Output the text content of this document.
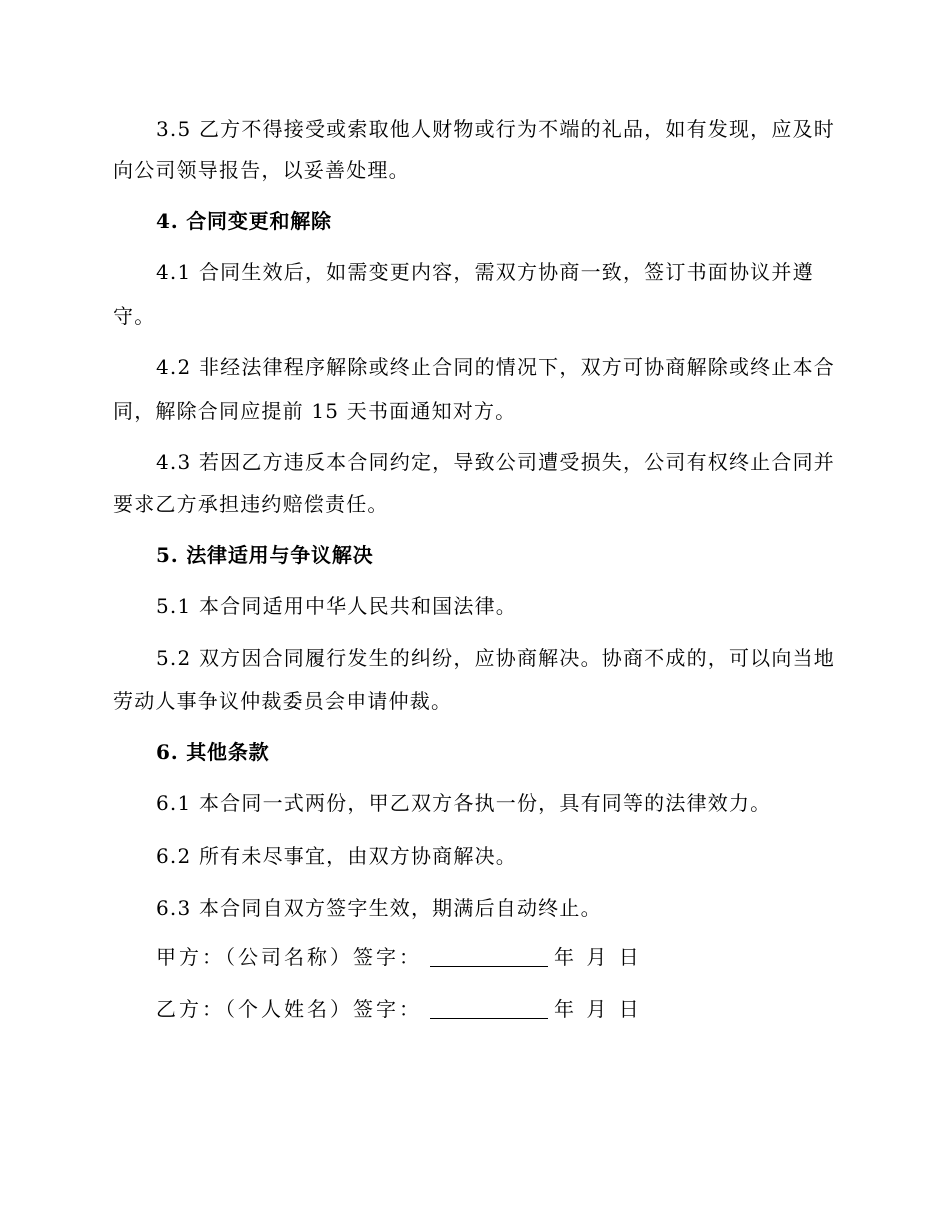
3.5 乙方不得接受或索取他人财物或行为不端的礼品，如有发现，应及时
向公司领导报告，以妥善处理。
4. 合同变更和解除
4.1 合同生效后，如需变更内容，需双方协商一致，签订书面协议并遵
守。
4.2 非经法律程序解除或终止合同的情况下，双方可协商解除或终止本合
同，解除合同应提前 15 天书面通知对方。
4.3 若因乙方违反本合同约定，导致公司遭受损失，公司有权终止合同并
要求乙方承担违约赔偿责任。
5. 法律适用与争议解决
5.1 本合同适用中华人民共和国法律。
5.2 双方因合同履行发生的纠纷，应协商解决。协商不成的，可以向当地
劳动人事争议仲裁委员会申请仲裁。
6. 其他条款
6.1 本合同一式两份，甲乙双方各执一份，具有同等的法律效力。
6.2 所有未尽事宜，由双方协商解决。
6.3 本合同自双方签字生效，期满后自动终止。
甲方：（公司名称）签字：	年 月 日
乙方：（个人姓名）签字：	年 月 日
